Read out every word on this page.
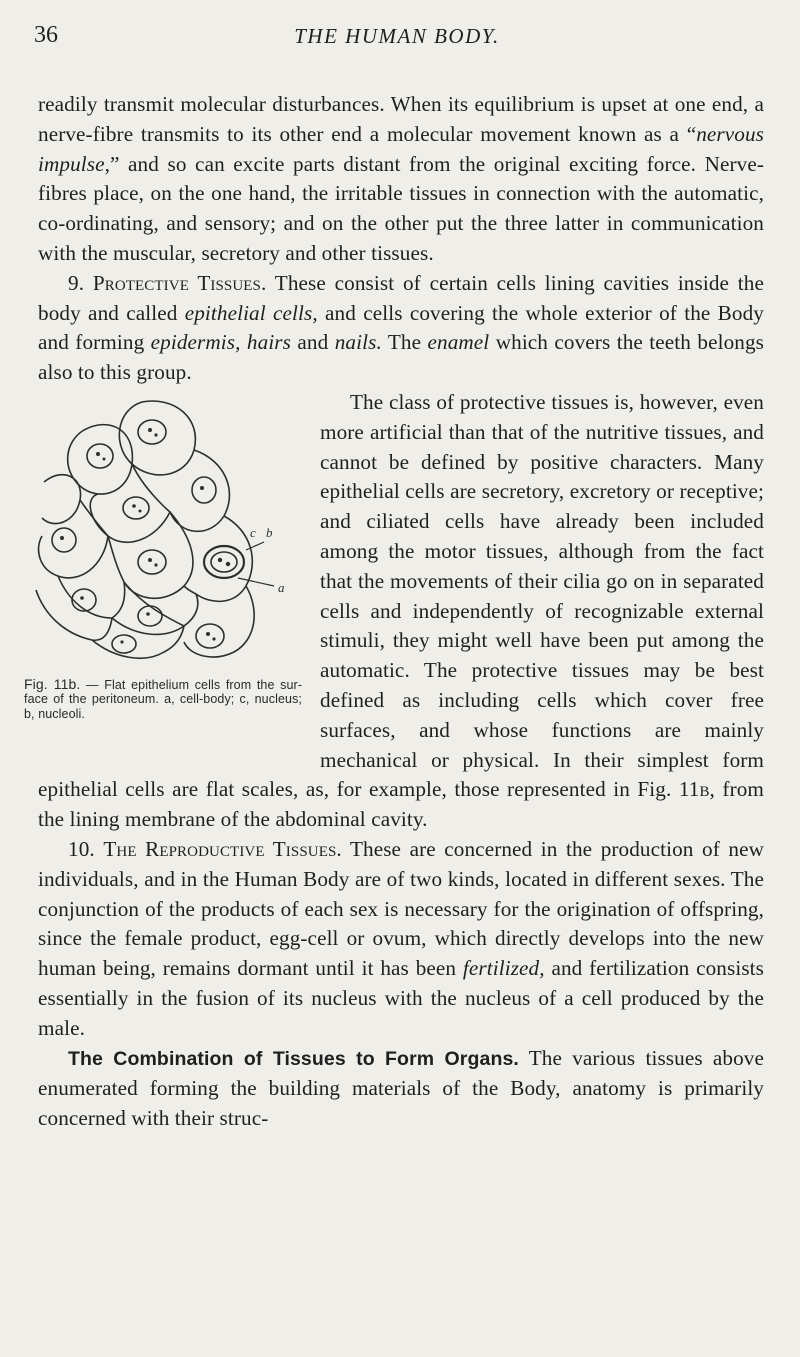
36	THE HUMAN BODY.

readily transmit molecular disturbances. When its equilibrium is upset at one end, a nerve-fibre transmits to its other end a molecular movement known as a “nervous impulse,” and so can excite parts distant from the original exciting force. Nerve-fibres place, on the one hand, the irritable tissues in connection with the automatic, co-ordinating, and sensory; and on the other put the three latter in communication with the muscular, secretory and other tissues.

9. Protective Tissues. These consist of certain cells lining cavities inside the body and called epithelial cells, and cells covering the whole exterior of the Body and forming epidermis, hairs and nails. The enamel which covers the teeth belongs also to this group.

c b
a
Fig. 11b. — Flat epithelium cells from the surface of the peritoneum. a, cell-body; c, nucleus; b, nucleoli.

The class of protective tissues is, however, even more artificial than that of the nutritive tissues, and cannot be defined by positive characters. Many epithelial cells are secretory, excretory or receptive; and ciliated cells have already been included among the motor tissues, although from the fact that the movements of their cilia go on in separated cells and independently of recognizable external stimuli, they might well have been put among the automatic. The protective tissues may be best defined as including cells which cover free surfaces, and whose functions are mainly mechanical or physical. In their simplest form epithelial cells are flat scales, as, for example, those represented in Fig. 11b, from the lining membrane of the abdominal cavity.

10. The Reproductive Tissues. These are concerned in the production of new individuals, and in the Human Body are of two kinds, located in different sexes. The conjunction of the products of each sex is necessary for the origination of offspring, since the female product, egg-cell or ovum, which directly develops into the new human being, remains dormant until it has been fertilized, and fertilization consists essentially in the fusion of its nucleus with the nucleus of a cell produced by the male.

The Combination of Tissues to Form Organs. The various tissues above enumerated forming the building materials of the Body, anatomy is primarily concerned with their struc-
